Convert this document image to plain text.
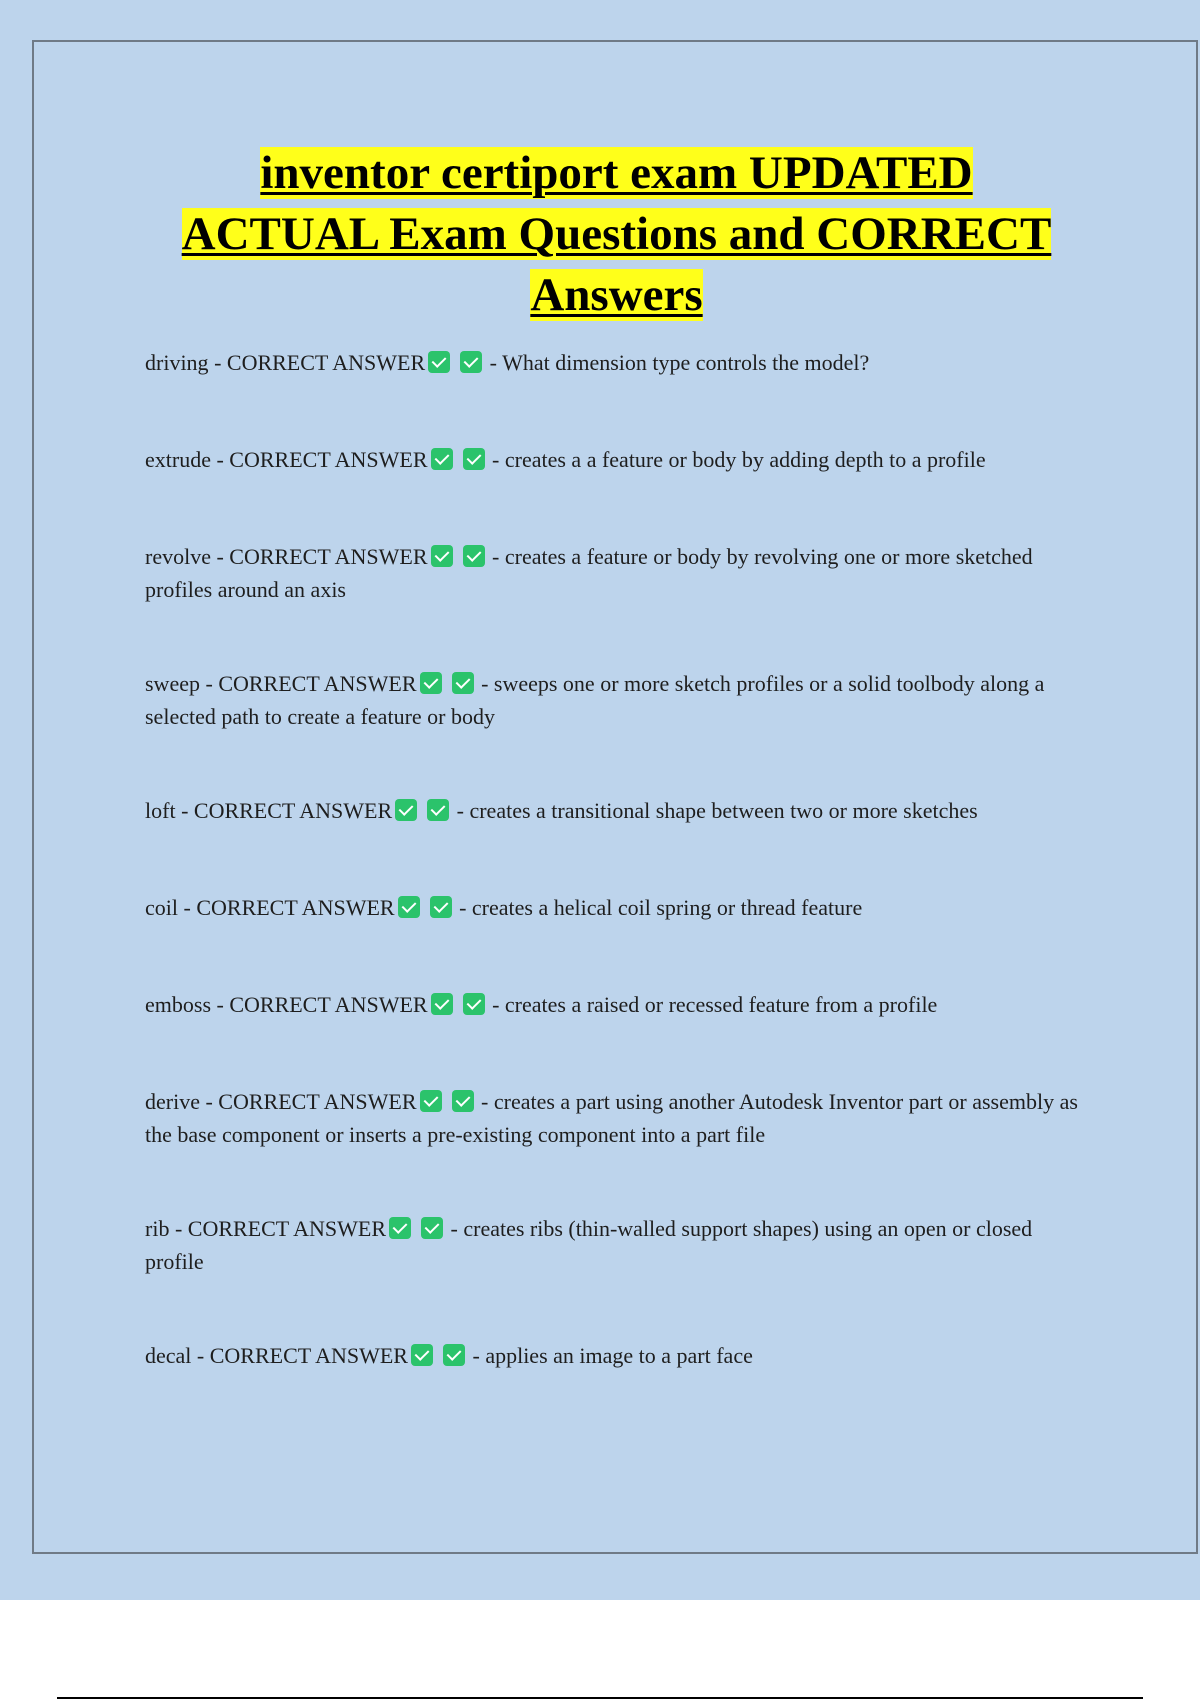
inventor certiport exam UPDATED
ACTUAL Exam Questions and CORRECT
Answers
driving - CORRECT ANSWER	- What dimension type controls the model?
extrude - CORRECT ANSWER	- creates a a feature or body by adding depth to a profile
revolve - CORRECT ANSWER	- creates a feature or body by revolving one or more sketched profiles around an axis
sweep - CORRECT ANSWER	- sweeps one or more sketch profiles or a solid toolbody along a selected path to create a feature or body
loft - CORRECT ANSWER	- creates a transitional shape between two or more sketches
coil - CORRECT ANSWER	- creates a helical coil spring or thread feature
emboss - CORRECT ANSWER	- creates a raised or recessed feature from a profile
derive - CORRECT ANSWER	- creates a part using another Autodesk Inventor part or assembly as the base component or inserts a pre-existing component into a part file
rib - CORRECT ANSWER	- creates ribs (thin-walled support shapes) using an open or closed profile
decal - CORRECT ANSWER	- applies an image to a part face
